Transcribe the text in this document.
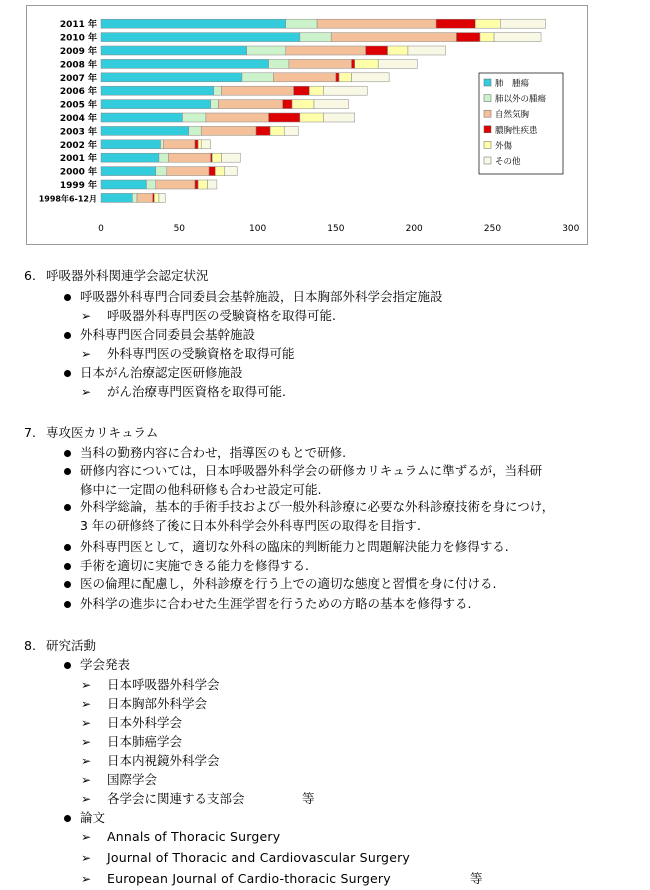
2011 年
2010 年
2009 年
2008 年
2007 年
2006 年
2005 年
2004 年
2003 年
2002 年
2001 年
2000 年
1999 年
1998年6-12月
0	50	100	150	200	250	300
肺　腫瘍
肺以外の腫瘍
自然気胸
膿胸性疾患
外傷
その他
6. 呼吸器外科関連学会認定状況
呼吸器外科専門合同委員会基幹施設，日本胸部外科学会指定施設
➢ 呼吸器外科専門医の受験資格を取得可能.
外科専門医合同委員会基幹施設
➢ 外科専門医の受験資格を取得可能
日本がん治療認定医研修施設
➢ がん治療専門医資格を取得可能.
7. 専攻医カリキュラム
当科の勤務内容に合わせ，指導医のもとで研修.
研修内容については，日本呼吸器外科学会の研修カリキュラムに準ずるが，当科研
修中に一定間の他科研修も合わせ設定可能.
外科学総論，基本的手術手技および一般外科診療に必要な外科診療技術を身につけ，
3 年の研修終了後に日本外科学会外科専門医の取得を目指す.
外科専門医として，適切な外科の臨床的判断能力と問題解決能力を修得する.
手術を適切に実施できる能力を修得する.
医の倫理に配慮し，外科診療を行う上での適切な態度と習慣を身に付ける.
外科学の進歩に合わせた生涯学習を行うための方略の基本を修得する.
8. 研究活動
学会発表
➢ 日本呼吸器外科学会
➢ 日本胸部外科学会
➢ 日本外科学会
➢ 日本肺癌学会
➢ 日本内視鏡外科学会
➢ 国際学会
➢ 各学会に関連する支部会	等
論文
➢ Annals of Thoracic Surgery
➢ Journal of Thoracic and Cardiovascular Surgery
➢ European Journal of Cardio-thoracic Surgery	等
